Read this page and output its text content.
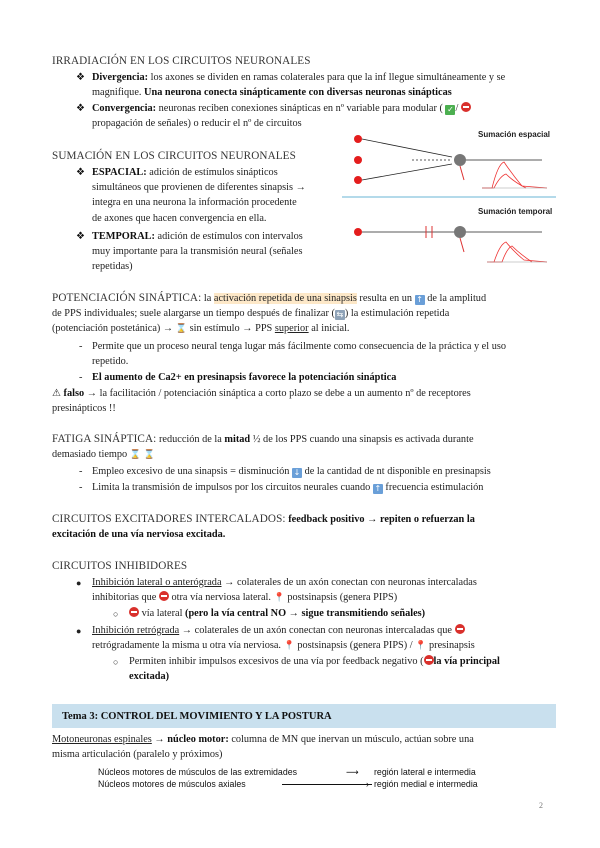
IRRADIACIÓN EN LOS CIRCUITOS NEURONALES
❖ Divergencia: los axones se dividen en ramas colaterales para que la inf llegue simultáneamente y se
magnifique. Una neurona conecta sinápticamente con diversas neuronas sinápticas
❖ Convergencia: neuronas reciben conexiones sinápticas en nº variable para modular ( ✓ /
propagación de señales) o reducir el nº de circuitos
Sumación espacial
Sumación temporal
SUMACIÓN EN LOS CIRCUITOS NEURONALES
❖ ESPACIAL: adición de estímulos sinápticos
simultáneos que provienen de diferentes sinapsis →
integra en una neurona la información procedente
de axones que hacen convergencia en ella.
❖ TEMPORAL: adición de estímulos con intervalos
muy importante para la transmisión neural (señales
repetidas)
POTENCIACIÓN SINÁPTICA: la activación repetida de una sinapsis resulta en un ↑ de la amplitud
de PPS individuales; suele alargarse un tiempo después de finalizar ( ⇆ ) la estimulación repetida
(potenciación postetánica) → ⌛ sin estímulo → PPS superior al inicial.
- Permite que un proceso neural tenga lugar más fácilmente como consecuencia de la práctica y el uso
repetido.
- El aumento de Ca2+ en presinapsis favorece la potenciación sináptica
⚠ falso → la facilitación / potenciación sináptica a corto plazo se debe a un aumento nº de receptores
presinápticos !!
FATIGA SINÁPTICA: reducción de la mitad ½ de los PPS cuando una sinapsis es activada durante
demasiado tiempo ⌛ ⌛
- Empleo excesivo de una sinapsis = disminución ↓ de la cantidad de nt disponible en presinapsis
- Limita la transmisión de impulsos por los circuitos neurales cuando ↑ frecuencia estimulación
CIRCUITOS EXCITADORES INTERCALADOS: feedback positivo → repiten o refuerzan la
excitación de una vía nerviosa excitada.
CIRCUITOS INHIBIDORES
● Inhibición lateral o anterógrada → colaterales de un axón conectan con neuronas intercaladas
inhibitorias que  otra vía nerviosa lateral. 📍 postsinapsis (genera PIPS)
○	vía lateral (pero la vía central NO → sigue transmitiendo señales)
● Inhibición retrógrada → colaterales de un axón conectan con neuronas intercaladas que
retrógradamente la misma u otra vía nerviosa. 📍 postsinapsis (genera PIPS) / 📍 presinapsis
○ Permiten inhibir impulsos excesivos de una vía por feedback negativo ( la vía principal
excitada)
Tema 3: CONTROL DEL MOVIMIENTO Y LA POSTURA
Motoneuronas espinales → núcleo motor: columna de MN que inervan un músculo, actúan sobre una
misma articulación (paralelo y próximos)
Núcleos motores de músculos de las extremidades	⟶ región lateral e intermedia
Núcleos motores de músculos axiales	› región medial e intermedia
2
